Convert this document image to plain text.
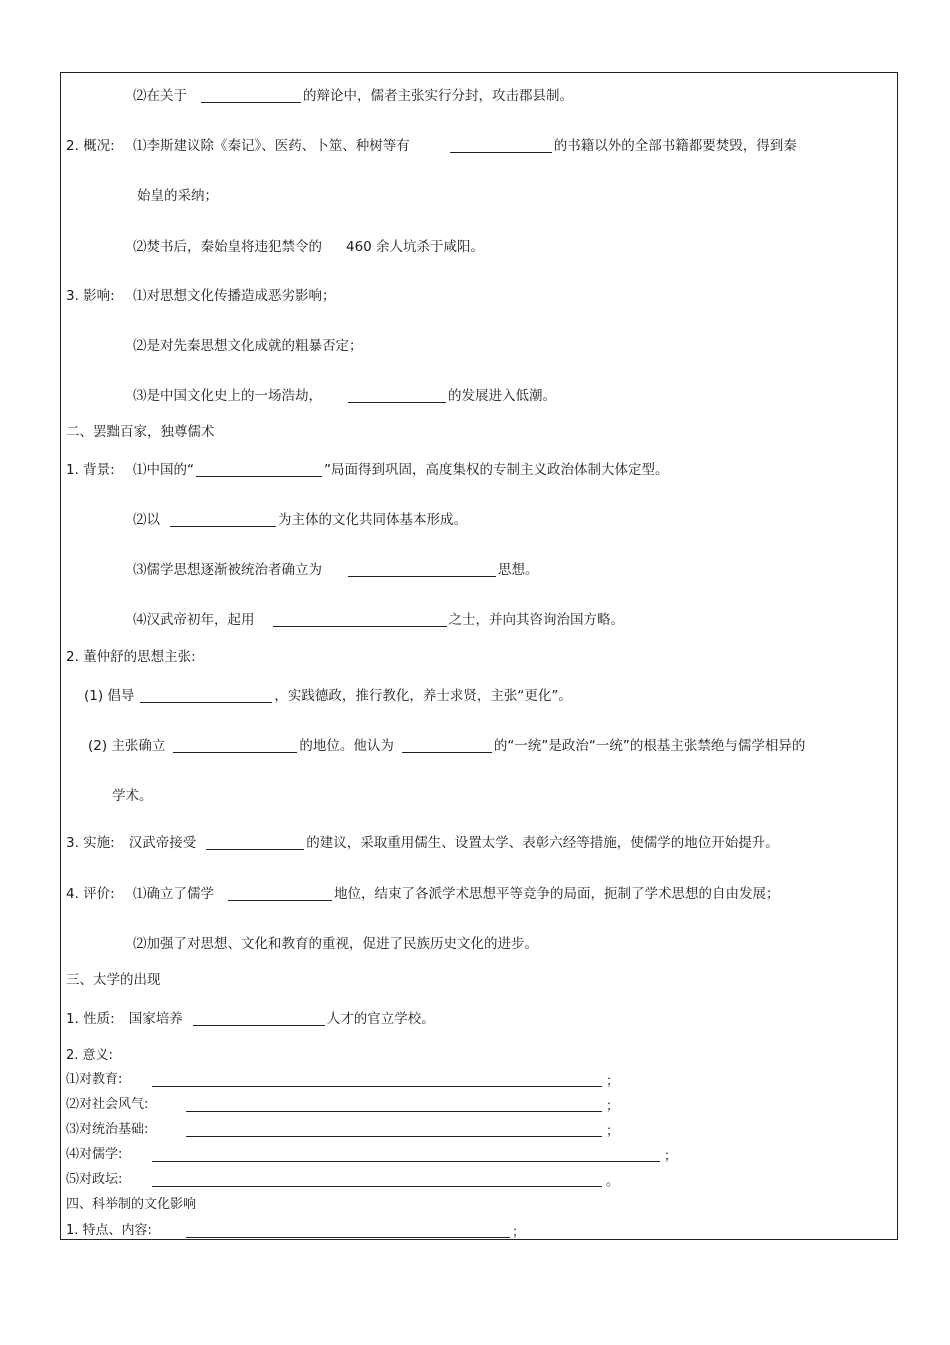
⑵在关于	的辩论中，儒者主张实行分封，攻击郡县制。
2. 概况: ⑴李斯建议除《秦记》、医药、卜筮、种树等有	的书籍以外的全部书籍都要焚毁，得到秦
始皇的采纳；
⑵焚书后，秦始皇将违犯禁令的 460 余人坑杀于咸阳。
3. 影响: ⑴对思想文化传播造成恶劣影响；
⑵是对先秦思想文化成就的粗暴否定；
⑶是中国文化史上的一场浩劫，	的发展进入低潮。
二、罢黜百家，独尊儒术
1. 背景: ⑴中国的“	”局面得到巩固，高度集权的专制主义政治体制大体定型。
⑵以	为主体的文化共同体基本形成。
⑶儒学思想逐渐被统治者确立为	思想。
⑷汉武帝初年，起用	之士，并向其咨询治国方略。
2. 董仲舒的思想主张:
(1) 倡导	，实践德政，推行教化，养士求贤，主张“更化”。
(2) 主张确立	的地位。他认为	的“一统”是政治“一统”的根基主张禁绝与儒学相异的
学术。
3. 实施: 汉武帝接受	的建议，采取重用儒生、设置太学、表彰六经等措施，使儒学的地位开始提升。
4. 评价: ⑴确立了儒学	地位，结束了各派学术思想平等竞争的局面，扼制了学术思想的自由发展；
⑵加强了对思想、文化和教育的重视，促进了民族历史文化的进步。
三、太学的出现
1. 性质: 国家培养	人才的官立学校。
2. 意义:
⑴对教育:	；
⑵对社会风气:	；
⑶对统治基础:	；
⑷对儒学:	；
⑸对政坛:	。
四、科举制的文化影响
1. 特点、内容:	；
